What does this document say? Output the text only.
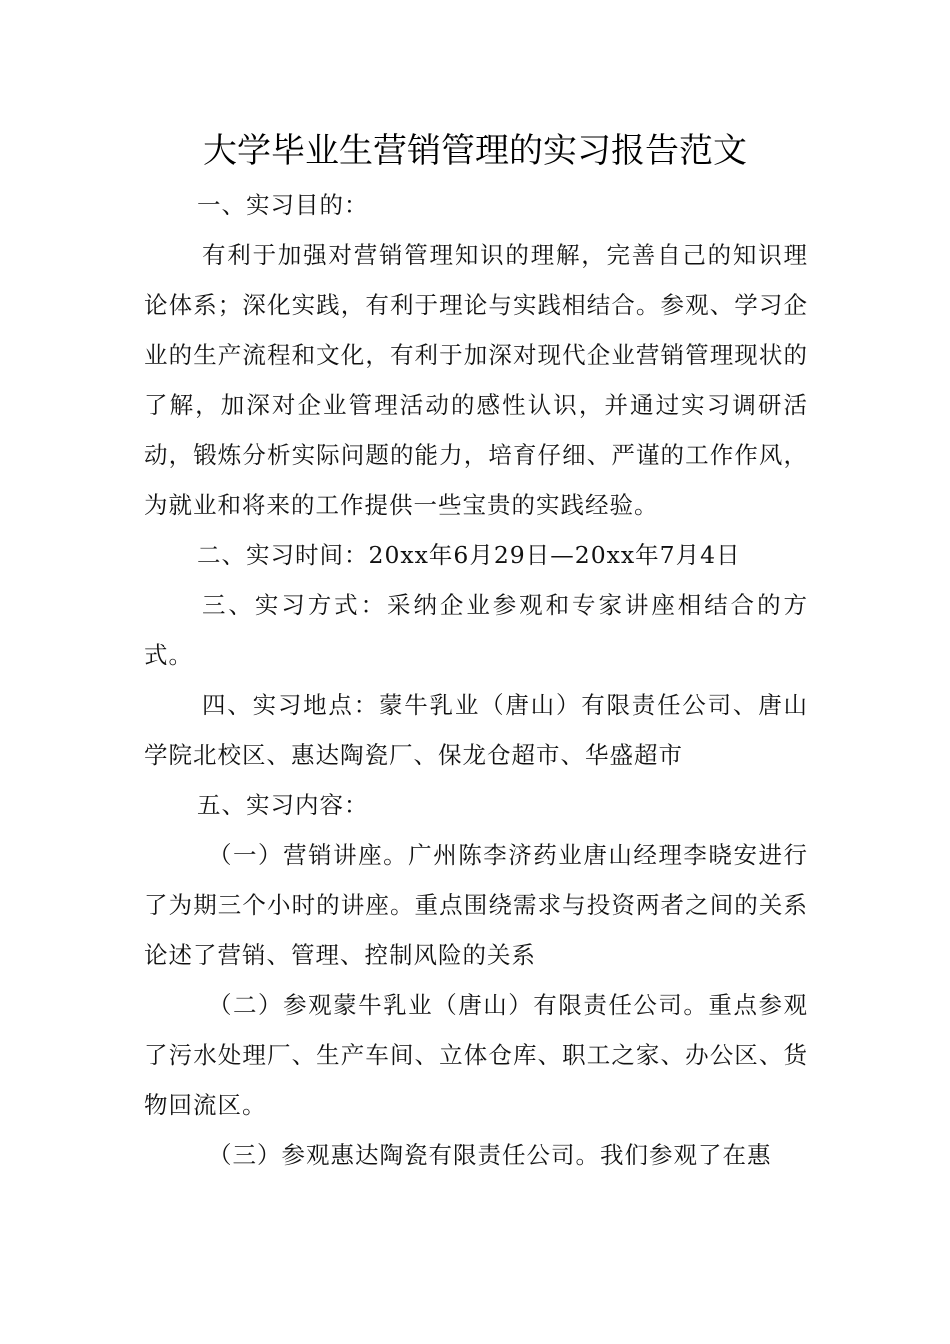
大学毕业生营销管理的实习报告范文

一、实习目的：

有利于加强对营销管理知识的理解，完善自己的知识理论体系；深化实践，有利于理论与实践相结合。参观、学习企业的生产流程和文化，有利于加深对现代企业营销管理现状的了解，加深对企业管理活动的感性认识，并通过实习调研活动，锻炼分析实际问题的能力，培育仔细、严谨的工作作风，为就业和将来的工作提供一些宝贵的实践经验。

二、实习时间：20xx年6月29日—20xx年7月4日

三、实习方式：采纳企业参观和专家讲座相结合的方式。

四、实习地点：蒙牛乳业（唐山）有限责任公司、唐山学院北校区、惠达陶瓷厂、保龙仓超市、华盛超市

五、实习内容：

（一）营销讲座。广州陈李济药业唐山经理李晓安进行了为期三个小时的讲座。重点围绕需求与投资两者之间的关系论述了营销、管理、控制风险的关系

（二）参观蒙牛乳业（唐山）有限责任公司。重点参观了污水处理厂、生产车间、立体仓库、职工之家、办公区、货物回流区。

（三）参观惠达陶瓷有限责任公司。我们参观了在惠
